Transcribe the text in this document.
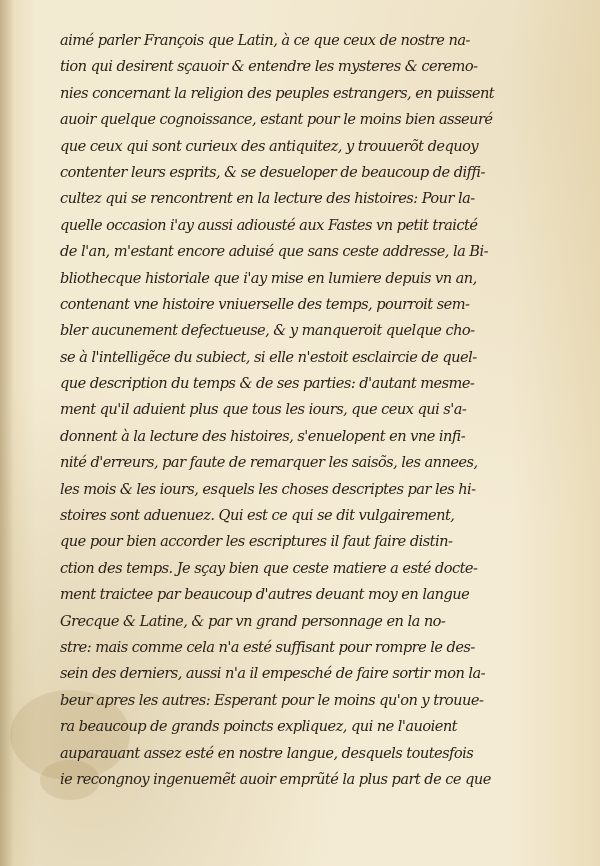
aimé parler François que Latin, à ce que ceux de nostre na-
tion qui desirent sçauoir & entendre les mysteres & ceremo-
nies concernant la religion des peuples estrangers, en puissent
auoir quelque cognoissance, estant pour le moins bien asseuré
que ceux qui sont curieux des antiquitez, y trouuerõt dequoy
contenter leurs esprits, & se desueloper de beaucoup de diffi-
cultez qui se rencontrent en la lecture des histoires: Pour la-
quelle occasion i'ay aussi adiousté aux Fastes vn petit traicté
de l'an, m'estant encore aduisé que sans ceste addresse, la Bi-
bliothecque historiale que i'ay mise en lumiere depuis vn an,
contenant vne histoire vniuerselle des temps, pourroit sem-
bler aucunement defectueuse, & y manqueroit quelque cho-
se à l'intelligẽce du subiect, si elle n'estoit esclaircie de quel-
que description du temps & de ses parties: d'autant mesme-
ment qu'il aduient plus que tous les iours, que ceux qui s'a-
donnent à la lecture des histoires, s'enuelopent en vne infi-
nité d'erreurs, par faute de remarquer les saisõs, les annees,
les mois & les iours, esquels les choses descriptes par les hi-
stoires sont aduenuez. Qui est ce qui se dit vulgairement,
que pour bien accorder les escriptures il faut faire distin-
ction des temps. Je sçay bien que ceste matiere a esté docte-
ment traictee par beaucoup d'autres deuant moy en langue
Grecque & Latine, & par vn grand personnage en la no-
stre: mais comme cela n'a esté suffisant pour rompre le des-
sein des derniers, aussi n'a il empesché de faire sortir mon la-
beur apres les autres: Esperant pour le moins qu'on y trouue-
ra beaucoup de grands poincts expliquez, qui ne l'auoient
auparauant assez esté en nostre langue, desquels toutesfois
ie recongnoy ingenuemẽt auoir emprũté la plus part de ce que
